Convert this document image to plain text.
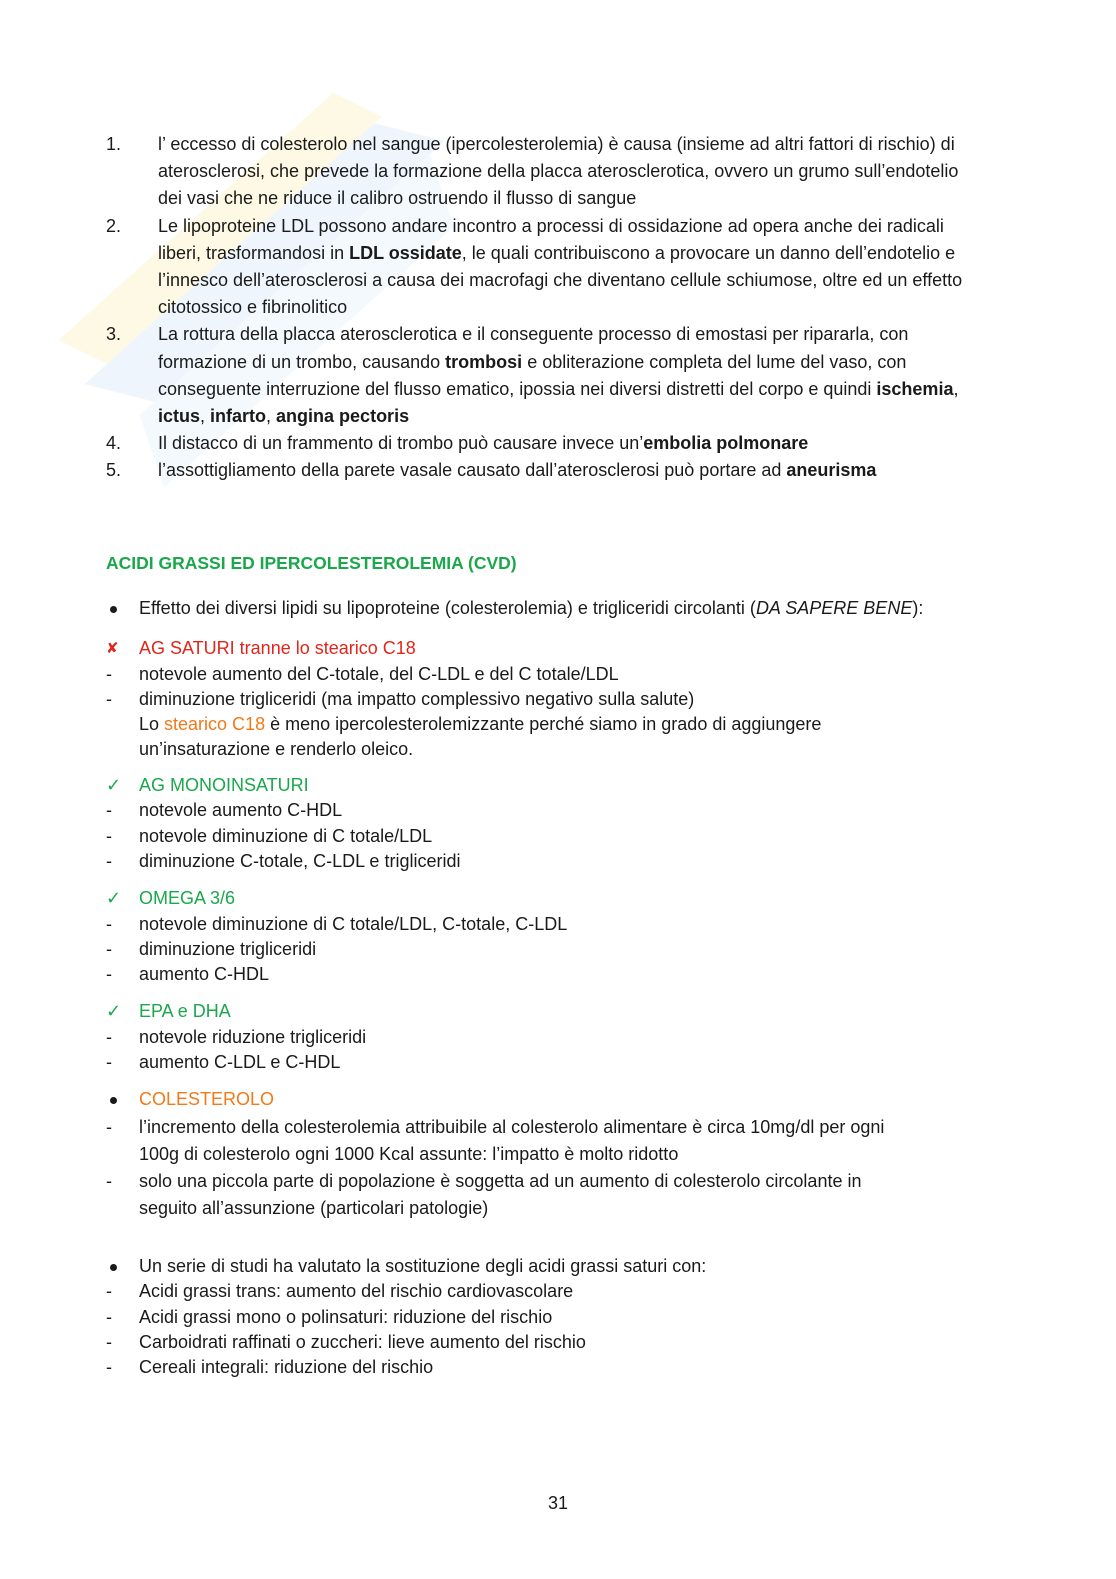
1.	l’ eccesso di colesterolo nel sangue (ipercolesterolemia) è causa (insieme ad altri fattori di rischio) di aterosclerosi, che prevede la formazione della placca aterosclerotica, ovvero un grumo sull’endotelio dei vasi che ne riduce il calibro ostruendo il flusso di sangue
2.	Le lipoproteine LDL possono andare incontro a processi di ossidazione ad opera anche dei radicali liberi, trasformandosi in LDL ossidate, le quali contribuiscono a provocare un danno dell’endotelio e l’innesco dell’aterosclerosi a causa dei macrofagi che diventano cellule schiumose, oltre ed un effetto citotossico e fibrinolitico
3.	La rottura della placca aterosclerotica e il conseguente processo di emostasi per ripararla, con formazione di un trombo, causando trombosi e obliterazione completa del lume del vaso, con conseguente interruzione del flusso ematico, ipossia nei diversi distretti del corpo e quindi ischemia, ictus, infarto, angina pectoris
4.	Il distacco di un frammento di trombo può causare invece un’embolia polmonare
5.	l’assottigliamento della parete vasale causato dall’aterosclerosi può portare ad aneurisma
ACIDI GRASSI ED IPERCOLESTEROLEMIA (CVD)
Effetto dei diversi lipidi su lipoproteine (colesterolemia) e trigliceridi circolanti (DA SAPERE BENE):
✘	AG SATURI tranne lo stearico C18
-	notevole aumento del C-totale, del C-LDL e del C totale/LDL
-	diminuzione trigliceridi (ma impatto complessivo negativo sulla salute)
Lo stearico C18 è meno ipercolesterolemizzante perché siamo in grado di aggiungere
un’insaturazione e renderlo oleico.
✓ AG MONOINSATURI
-	notevole aumento C-HDL
-	notevole diminuzione di C totale/LDL
-	diminuzione C-totale, C-LDL e trigliceridi
✓ OMEGA 3/6
-	notevole diminuzione di C totale/LDL, C-totale, C-LDL
-	diminuzione trigliceridi
-	aumento C-HDL
✓ EPA e DHA
-	notevole riduzione trigliceridi
-	aumento C-LDL e C-HDL
COLESTEROLO
-	l’incremento della colesterolemia attribuibile al colesterolo alimentare è circa 10mg/dl per ogni
100g di colesterolo ogni 1000 Kcal assunte: l’impatto è molto ridotto
-	solo una piccola parte di popolazione è soggetta ad un aumento di colesterolo circolante in
seguito all’assunzione (particolari patologie)
Un serie di studi ha valutato la sostituzione degli acidi grassi saturi con:
-	Acidi grassi trans: aumento del rischio cardiovascolare
-	Acidi grassi mono o polinsaturi: riduzione del rischio
-	Carboidrati raffinati o zuccheri: lieve aumento del rischio
-	Cereali integrali: riduzione del rischio
31
